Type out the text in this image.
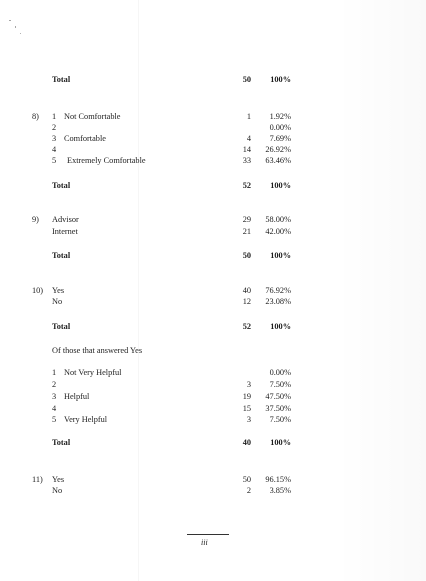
Total	50 100%
8) 1 Not Comfortable	1 1.92%
2	0.00%
3 Comfortable	4 7.69%
4	14 26.92%
5 Extremely Comfortable	33 63.46%
Total	52 100%
9) Advisor	29 58.00%
Internet	21 42.00%
Total	50 100%
10) Yes	40 76.92%
No	12 23.08%
Total	52 100%
Of those that answered Yes
1 Not Very Helpful	0.00%
2	3 7.50%
3 Helpful	19 47.50%
4	15 37.50%
5 Very Helpful	3 7.50%
Total	40 100%
11) Yes	50 96.15%
No	2 3.85%
iii
